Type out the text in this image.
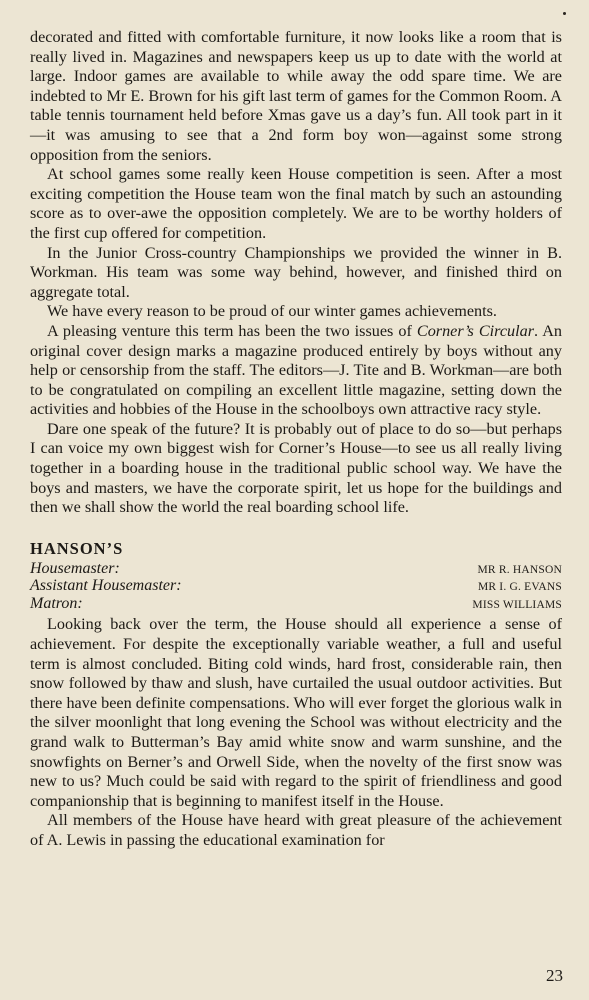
decorated and fitted with comfortable furniture, it now looks like a room that is really lived in. Magazines and newspapers keep us up to date with the world at large. Indoor games are available to while away the odd spare time. We are indebted to Mr E. Brown for his gift last term of games for the Common Room. A table tennis tournament held before Xmas gave us a day’s fun. All took part in it—it was amusing to see that a 2nd form boy won—against some strong opposition from the seniors.

At school games some really keen House competition is seen. After a most exciting competition the House team won the final match by such an astounding score as to over-awe the opposition completely. We are to be worthy holders of the first cup offered for competition.

In the Junior Cross-country Championships we provided the winner in B. Workman. His team was some way behind, however, and finished third on aggregate total.

We have every reason to be proud of our winter games achievements.

A pleasing venture this term has been the two issues of Corner’s Circular. An original cover design marks a magazine produced entirely by boys without any help or censorship from the staff. The editors—J. Tite and B. Workman—are both to be congratulated on compiling an excellent little magazine, setting down the activities and hobbies of the House in the schoolboys own attractive racy style.

Dare one speak of the future? It is probably out of place to do so—but perhaps I can voice my own biggest wish for Corner’s House—to see us all really living together in a boarding house in the traditional public school way. We have the boys and masters, we have the corporate spirit, let us hope for the buildings and then we shall show the world the real boarding school life.

HANSON’S
Housemaster:	MR R. HANSON
Assistant Housemaster:	MR I. G. EVANS
Matron:	MISS WILLIAMS

Looking back over the term, the House should all experience a sense of achievement. For despite the exceptionally variable weather, a full and useful term is almost concluded. Biting cold winds, hard frost, considerable rain, then snow followed by thaw and slush, have curtailed the usual outdoor activities. But there have been definite compensations. Who will ever forget the glorious walk in the silver moonlight that long evening the School was without electricity and the grand walk to Butterman’s Bay amid white snow and warm sunshine, and the snowfights on Berner’s and Orwell Side, when the novelty of the first snow was new to us? Much could be said with regard to the spirit of friendliness and good companionship that is beginning to manifest itself in the House.

All members of the House have heard with great pleasure of the achievement of A. Lewis in passing the educational examination for

23
